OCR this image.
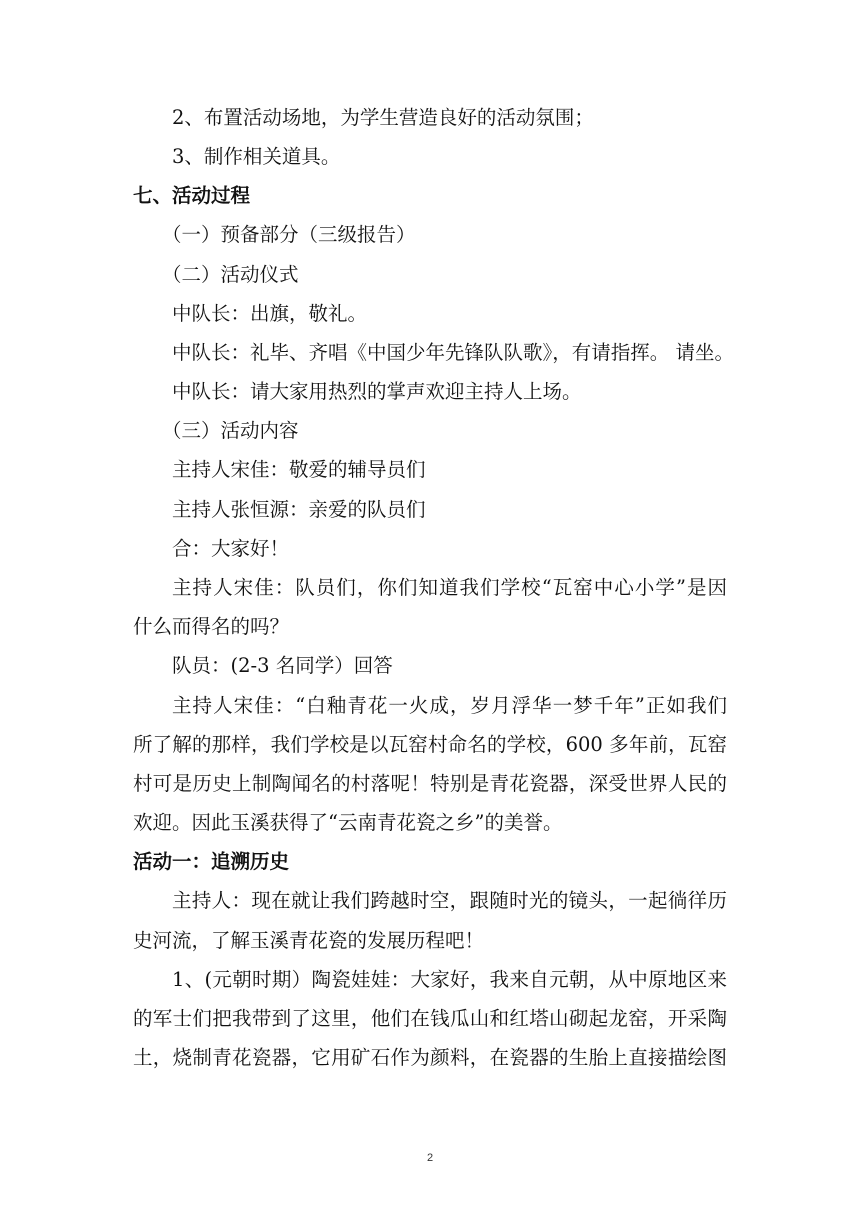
2、布置活动场地，为学生营造良好的活动氛围；
3、制作相关道具。
七、活动过程
（一）预备部分（三级报告）
（二）活动仪式
中队长：出旗，敬礼。
中队长：礼毕、齐唱《中国少年先锋队队歌》，有请指挥。 请坐。
中队长：请大家用热烈的掌声欢迎主持人上场。
（三）活动内容
主持人宋佳：敬爱的辅导员们
主持人张恒源：亲爱的队员们
合：大家好！
主持人宋佳：队员们，你们知道我们学校“瓦窑中心小学”是因
什么而得名的吗？
队员：(2-3 名同学）回答
主持人宋佳：“白釉青花一火成，岁月浮华一梦千年”正如我们
所了解的那样，我们学校是以瓦窑村命名的学校，600 多年前，瓦窑
村可是历史上制陶闻名的村落呢！特别是青花瓷器，深受世界人民的
欢迎。因此玉溪获得了“云南青花瓷之乡”的美誉。
活动一：追溯历史
主持人：现在就让我们跨越时空，跟随时光的镜头，一起徜徉历
史河流，了解玉溪青花瓷的发展历程吧！
1、(元朝时期）陶瓷娃娃：大家好，我来自元朝，从中原地区来
的军士们把我带到了这里，他们在钱瓜山和红塔山砌起龙窑，开采陶
土，烧制青花瓷器，它用矿石作为颜料，在瓷器的生胎上直接描绘图
2
